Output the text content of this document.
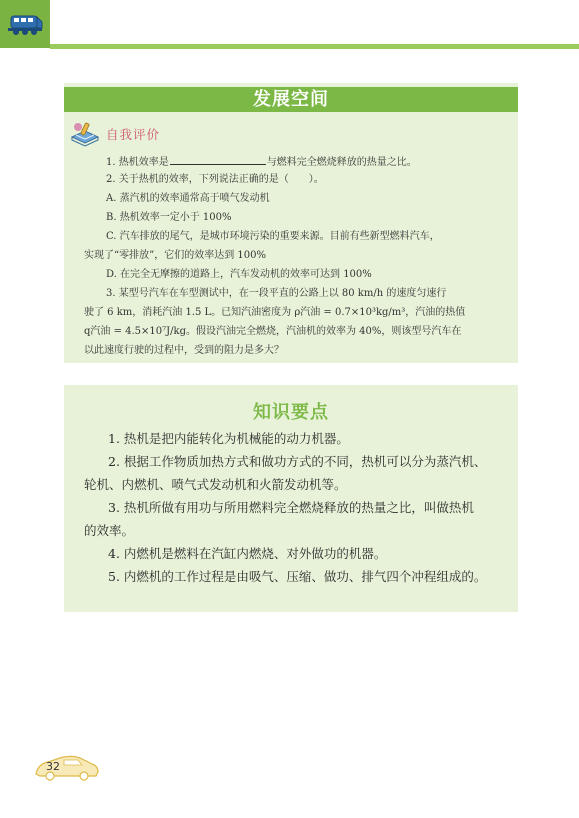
发展空间
自我评价
1. 热机效率是	与燃料完全燃烧释放的热量之比。
2. 关于热机的效率，下列说法正确的是（　　）。
A. 蒸汽机的效率通常高于喷气发动机
B. 热机效率一定小于 100%
C. 汽车排放的尾气，是城市环境污染的重要来源。目前有些新型燃料汽车，
实现了“零排放”，它们的效率达到 100%
D. 在完全无摩擦的道路上，汽车发动机的效率可达到 100%
3. 某型号汽车在车型测试中，在一段平直的公路上以 80 km/h 的速度匀速行
驶了 6 km，消耗汽油 1.5 L。已知汽油密度为 ρ汽油 = 0.7×10³kg/m³，汽油的热值
q汽油 = 4.5×10⁷J/kg。假设汽油完全燃烧，汽油机的效率为 40%，则该型号汽车在
以此速度行驶的过程中，受到的阻力是多大？
知识要点
1. 热机是把内能转化为机械能的动力机器。
2. 根据工作物质加热方式和做功方式的不同，热机可以分为蒸汽机、
轮机、内燃机、喷气式发动机和火箭发动机等。
3. 热机所做有用功与所用燃料完全燃烧释放的热量之比，叫做热机
的效率。
4. 内燃机是燃料在汽缸内燃烧、对外做功的机器。
5. 内燃机的工作过程是由吸气、压缩、做功、排气四个冲程组成的。
32
